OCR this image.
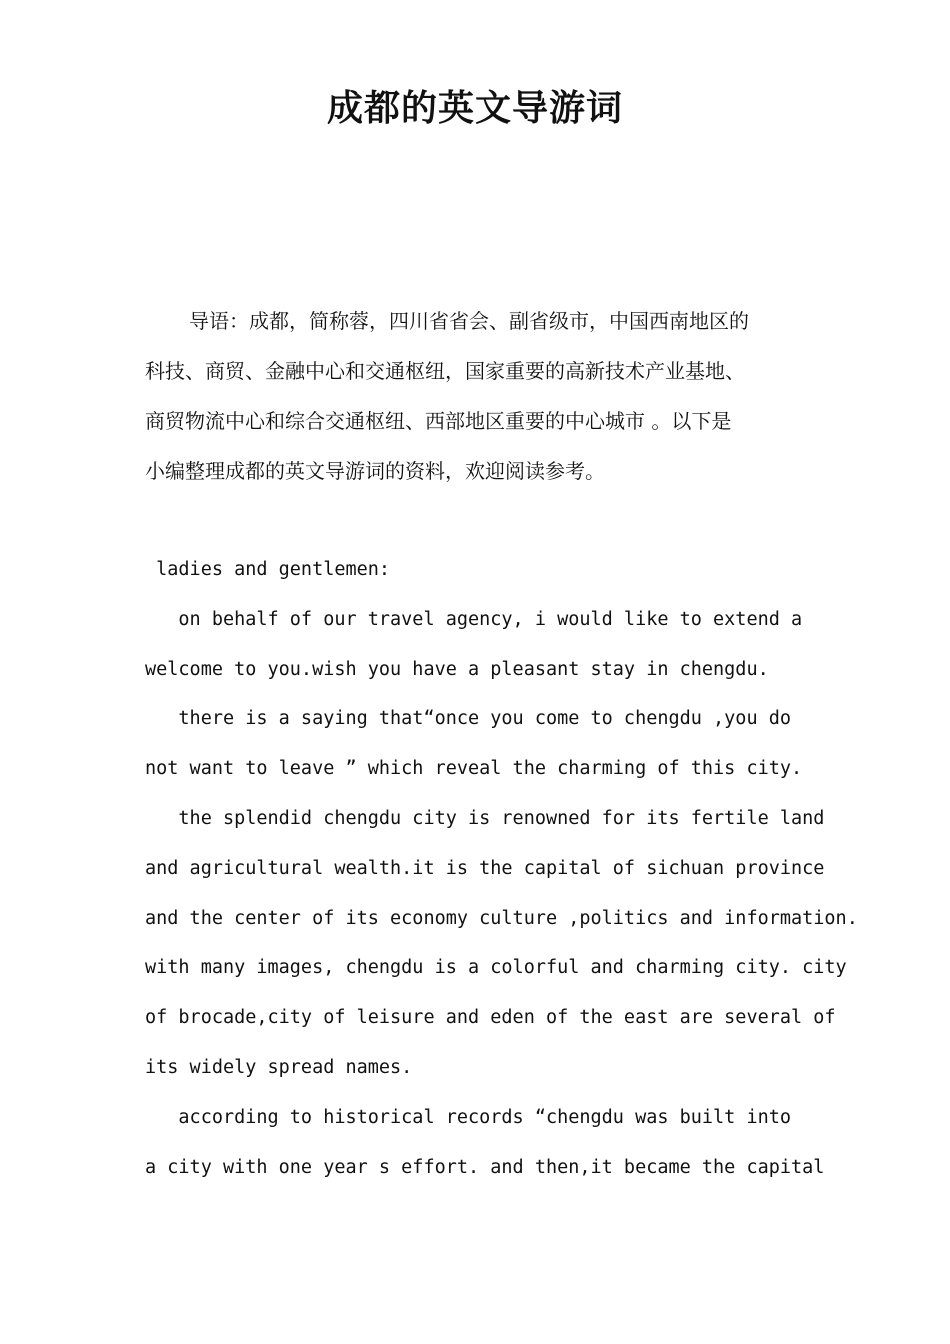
成都的英文导游词
导语：成都，简称蓉，四川省省会、副省级市，中国西南地区的
科技、商贸、金融中心和交通枢纽，国家重要的高新技术产业基地、
商贸物流中心和综合交通枢纽、西部地区重要的中心城市 。以下是
小编整理成都的英文导游词的资料，欢迎阅读参考。
ladies and gentlemen:
on behalf of our travel agency, i would like to extend a
welcome to you.wish you have a pleasant stay in chengdu.
there is a saying that“once you come to chengdu ,you do
not want to leave ” which reveal the charming of this city.
the splendid chengdu city is renowned for its fertile land
and agricultural wealth.it is the capital of sichuan province
and the center of its economy culture ,politics and information.
with many images, chengdu is a colorful and charming city. city
of brocade,city of leisure and eden of the east are several of
its widely spread names.
according to historical records “chengdu was built into
a city with one year s effort. and then,it became the capital
